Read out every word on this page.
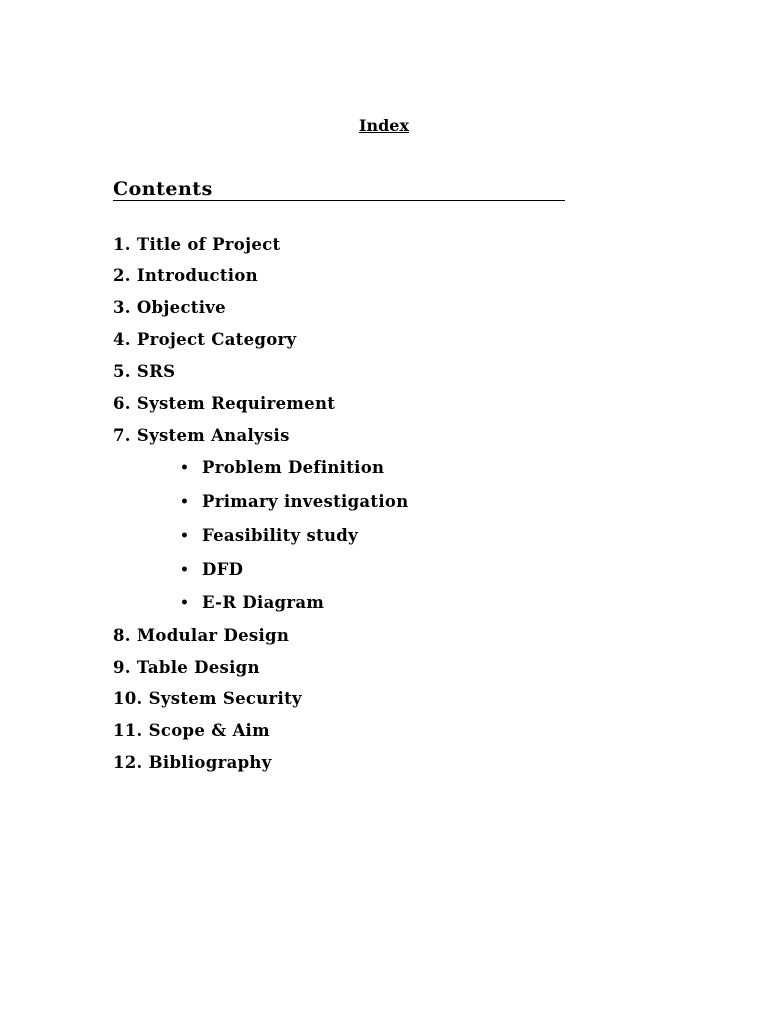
Index
Contents
1. Title of Project
2. Introduction
3. Objective
4. Project Category
5. SRS
6. System Requirement
7. System Analysis
• Problem Definition
• Primary investigation
• Feasibility study
• DFD
• E-R Diagram
8. Modular Design
9. Table Design
10. System Security
11. Scope & Aim
12. Bibliography
